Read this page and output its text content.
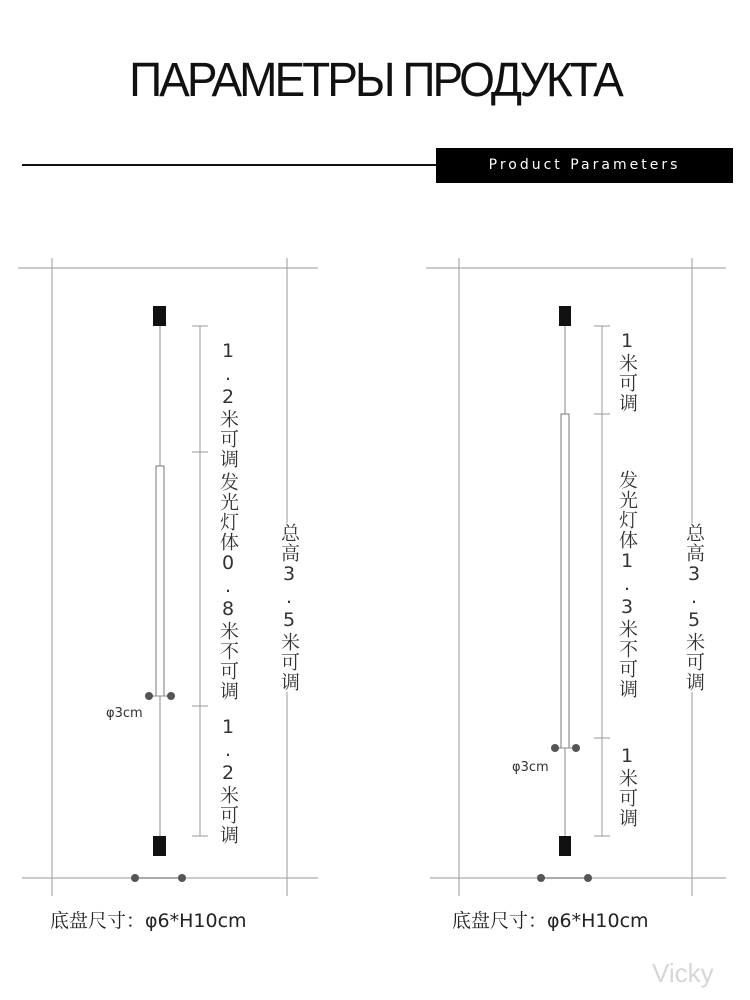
ПАРАМЕТРЫ ПРОДУКТА
Product Parameters
1.2米可调
发光灯体0.8米不可调
1.2米可调
总高3.5米可调
φ3cm
底盘尺寸：φ6*H10cm
1米可调
发光灯体1.3米不可调
1米可调
总高3.5米可调
φ3cm
底盘尺寸：φ6*H10cm
Vicky
